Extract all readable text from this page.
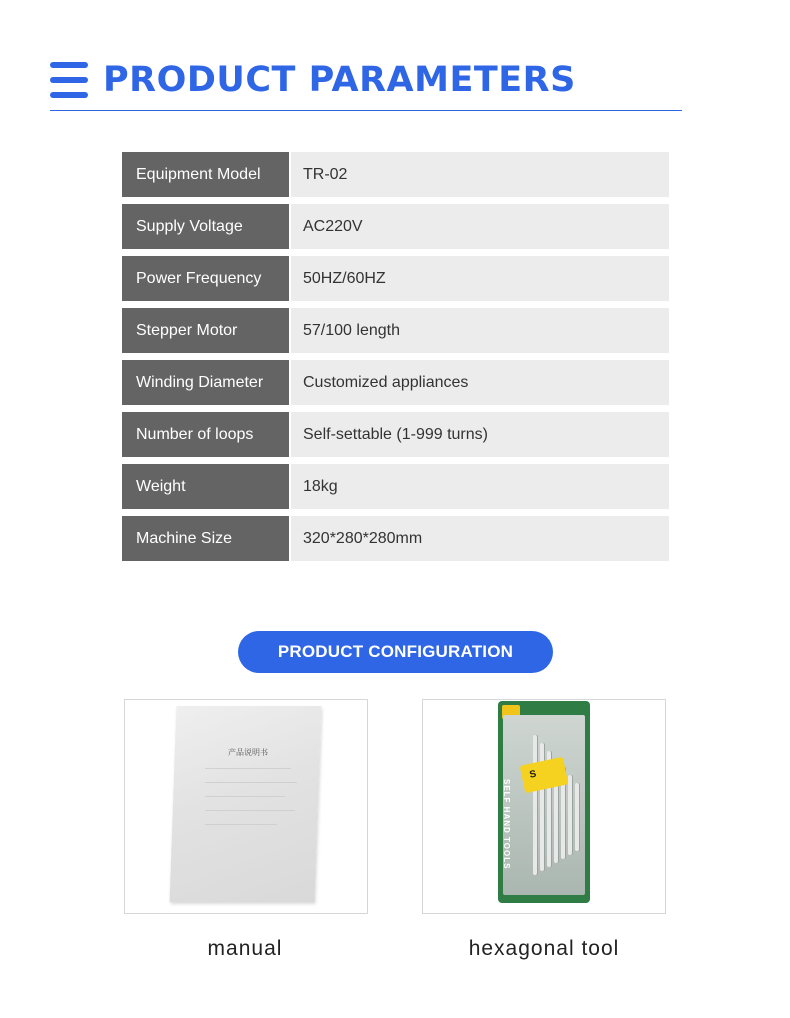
PRODUCT PARAMETERS
Equipment Model	TR-02
Supply Voltage	AC220V
Power Frequency	50HZ/60HZ
Stepper Motor	57/100 length
Winding Diameter	Customized appliances
Number of loops	Self-settable (1-999 turns)
Weight	18kg
Machine Size	320*280*280mm
PRODUCT CONFIGURATION
产品说明书
manual
S
SELF HAND TOOLS
hexagonal tool
